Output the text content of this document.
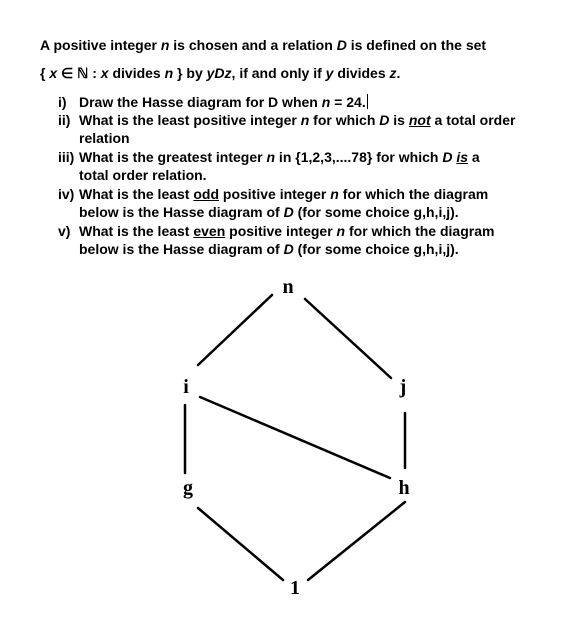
A positive integer n is chosen and a relation D is defined on the set
{ x ∈ ℕ : x divides n } by yDz, if and only if y divides z.
i) Draw the Hasse diagram for D when n = 24.
ii) What is the least positive integer n for which D is not a total order
relation
iii) What is the greatest integer n in {1,2,3,....78} for which D is a
total order relation.
iv) What is the least odd positive integer n for which the diagram
below is the Hasse diagram of D (for some choice g,h,i,j).
v) What is the least even positive integer n for which the diagram
below is the Hasse diagram of D (for some choice g,h,i,j).
n
i	j
g	h
1
